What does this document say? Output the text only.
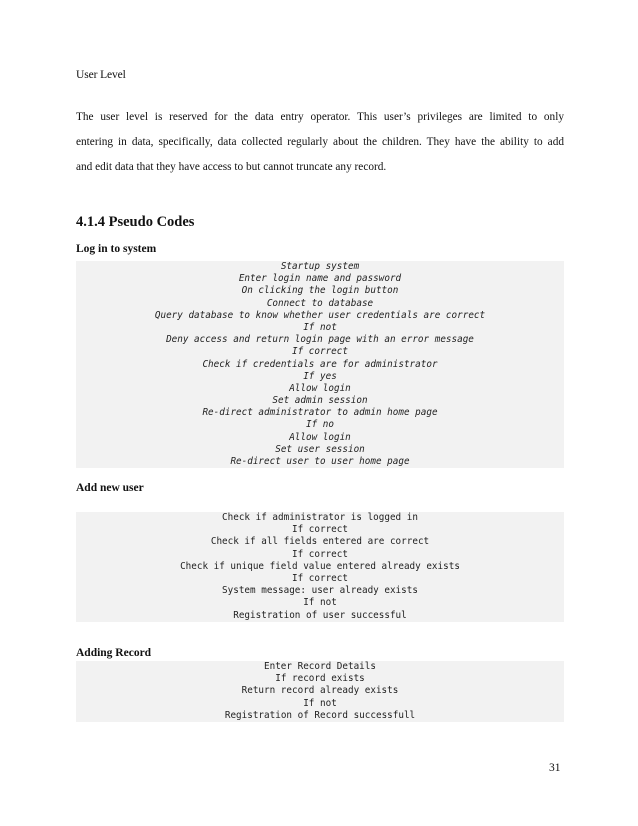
User Level
The user level is reserved for the data entry operator. This user’s privileges are limited to only
entering in data, specifically, data collected regularly about the children. They have the ability to add
and edit data that they have access to but cannot truncate any record.
4.1.4 Pseudo Codes
Log in to system
Startup system
Enter login name and password
On clicking the login button
Connect to database
Query database to know whether user credentials are correct
If not
Deny access and return login page with an error message
If correct
Check if credentials are for administrator
If yes
Allow login
Set admin session
Re-direct administrator to admin home page
If no
Allow login
Set user session
Re-direct user to user home page
Add new user
Check if administrator is logged in
If correct
Check if all fields entered are correct
If correct
Check if unique field value entered already exists
If correct
System message: user already exists
If not
Registration of user successful
Adding Record
Enter Record Details
If record exists
Return record already exists
If not
Registration of Record successfull
31
